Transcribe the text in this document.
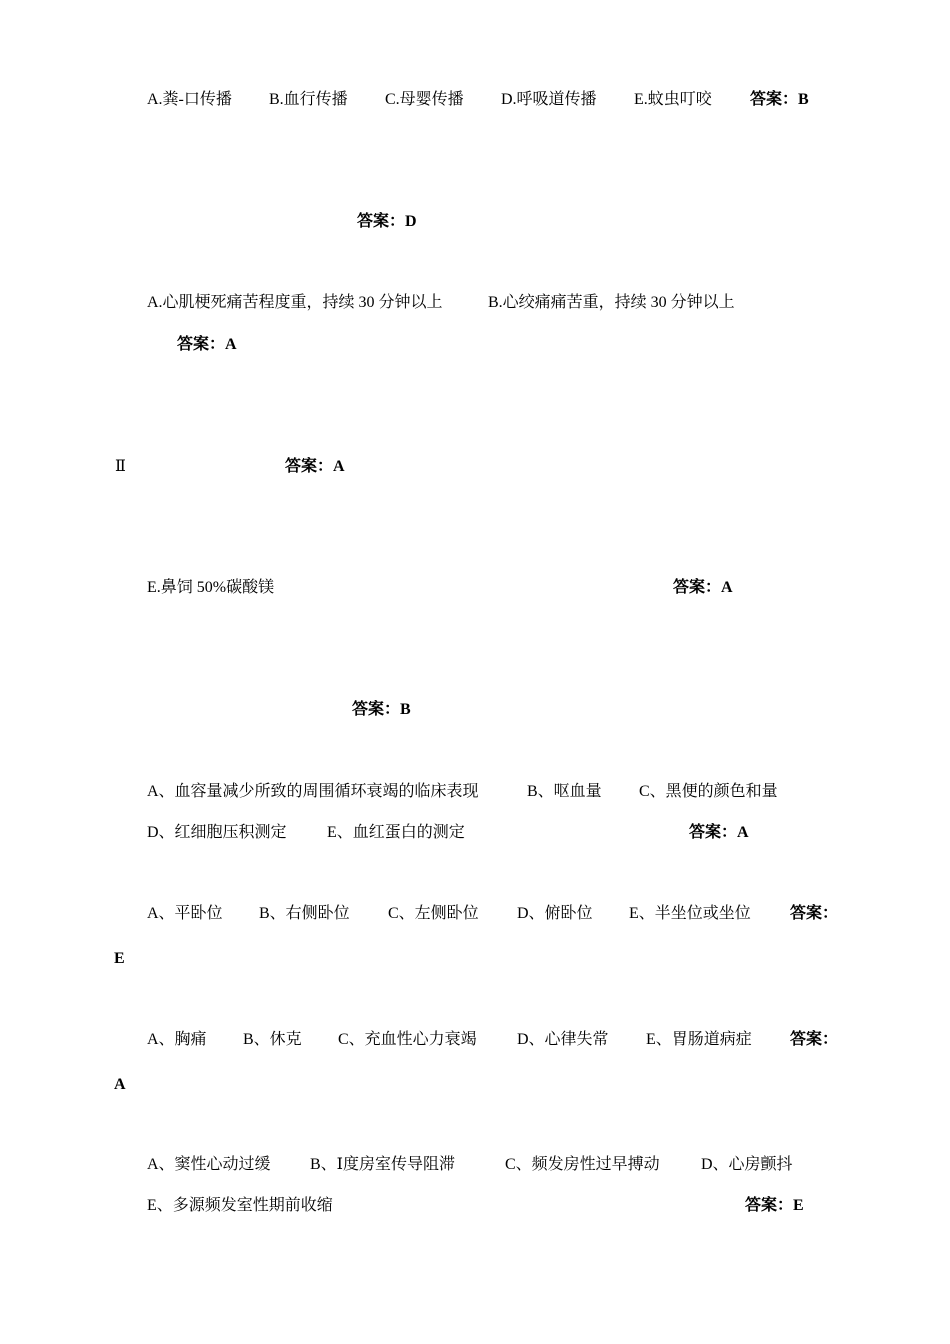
A.粪-口传播 B.血行传播 C.母婴传播 D.呼吸道传播 E.蚊虫叮咬 答案：B
答案：D
A.心肌梗死痛苦程度重，持续 30 分钟以上	B.心绞痛痛苦重，持续 30 分钟以上
答案：A
Ⅱ	答案：A
E.鼻饲 50%碳酸镁	答案：A
答案：B
A、血容量减少所致的周围循环衰竭的临床表现	B、呕血量 C、黑便的颜色和量
D、红细胞压积测定	E、血红蛋白的测定	答案：A
A、平卧位 B、右侧卧位 C、左侧卧位 D、俯卧位 E、半坐位或坐位 答案：
E
A、胸痛 B、休克 C、充血性心力衰竭	D、心律失常 E、胃肠道病症 答案：
A
A、窦性心动过缓 B、Ⅰ度房室传导阻滞	C、频发房性过早搏动	D、心房颤抖
E、多源频发室性期前收缩	答案：E
